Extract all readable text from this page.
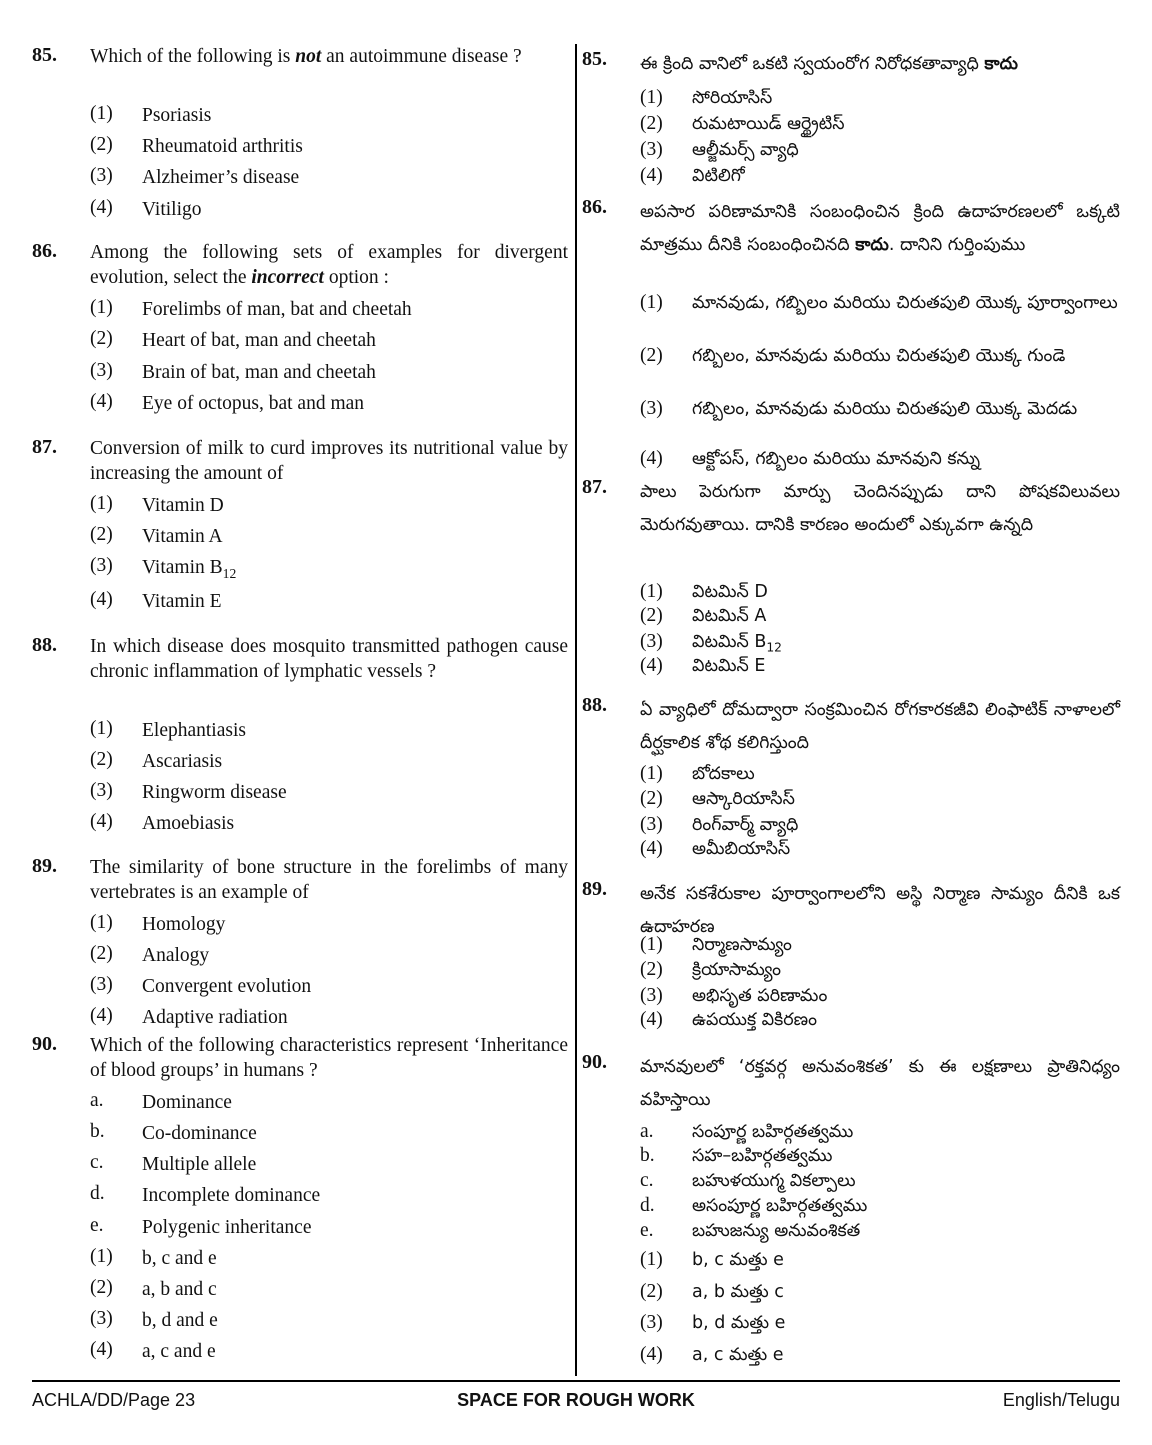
85. Which of the following is not an autoimmune disease ?
(1) Psoriasis
(2) Rheumatoid arthritis
(3) Alzheimer’s disease
(4) Vitiligo
86. Among the following sets of examples for divergent evolution, select the incorrect option :
(1) Forelimbs of man, bat and cheetah
(2) Heart of bat, man and cheetah
(3) Brain of bat, man and cheetah
(4) Eye of octopus, bat and man
87. Conversion of milk to curd improves its nutritional value by increasing the amount of
(1) Vitamin D
(2) Vitamin A
(3) Vitamin $B_{12}$
(4) Vitamin E
88. In which disease does mosquito transmitted pathogen cause chronic inflammation of lymphatic vessels ?
(1) Elephantiasis
(2) Ascariasis
(3) Ringworm disease
(4) Amoebiasis
89. The similarity of bone structure in the forelimbs of many vertebrates is an example of
(1) Homology
(2) Analogy
(3) Convergent evolution
(4) Adaptive radiation
90. Which of the following characteristics represent ‘Inheritance of blood groups’ in humans ?
a. Dominance
b. Co-dominance
c. Multiple allele
d. Incomplete dominance
e. Polygenic inheritance
(1) b, c and e
(2) a, b and c
(3) b, d and e
(4) a, c and e
85. ఈ క్రింది వానిలో ఒకటి స్వయంరోగ నిరోధకతావ్యాధి కాదు
(1) సోరియాసిస్
(2) రుమటాయిడ్ ఆర్థ్రైటిస్
(3) ఆల్జీమర్స్ వ్యాధి
(4) విటిలిగో
86. అపసార పరిణామానికి సంబంధించిన క్రింది ఉదాహరణలలో ఒక్కటి మాత్రము దీనికి సంబంధించినది కాదు. దానిని గుర్తింపుము
(1) మానవుడు, గబ్బిలం మరియు చిరుతపులి యొక్క పూర్వాంగాలు
(2) గబ్బిలం, మానవుడు మరియు చిరుతపులి యొక్క గుండె
(3) గబ్బిలం, మానవుడు మరియు చిరుతపులి యొక్క మెదడు
(4) ఆక్టోపస్, గబ్బిలం మరియు మానవుని కన్ను
87. పాలు పెరుగుగా మార్పు చెందినప్పుడు దాని పోషకవిలువలు మెరుగవుతాయి. దానికి కారణం అందులో ఎక్కువగా ఉన్నది
(1) విటమిన్ D
(2) విటమిన్ A
(3) విటమిన్ $B_{12}$
(4) విటమిన్ E
88. ఏ వ్యాధిలో దోమద్వారా సంక్రమించిన రోగకారకజీవి లింఫాటిక్ నాళాలలో దీర్ఘకాలిక శోథ కలిగిస్తుంది
(1) బోదకాలు
(2) ఆస్కారియాసిస్
(3) రింగ్‌వార్మ్ వ్యాధి
(4) అమీబియాసిస్
89. అనేక సకశేరుకాల పూర్వాంగాలలోని అస్థి నిర్మాణ సామ్యం దీనికి ఒక ఉదాహరణ
(1) నిర్మాణసామ్యం
(2) క్రియాసామ్యం
(3) అభిసృత పరిణామం
(4) ఉపయుక్త వికిరణం
90. మానవులలో ‘రక్తవర్గ అనువంశికత’ కు ఈ లక్షణాలు ప్రాతినిధ్యం వహిస్తాయి
a. సంపూర్ణ బహిర్గతత్వము
b. సహ–బహిర్గతత్వము
c. బహుళయుగ్మ వికల్పాలు
d. అసంపూర్ణ బహిర్గతత్వము
e. బహుజన్యు అనువంశికత
(1) b, c మత్తు e
(2) a, b మత్తు c
(3) b, d మత్తు e
(4) a, c మత్తు e
ACHLA/DD/Page 23	SPACE FOR ROUGH WORK	English/Telugu
